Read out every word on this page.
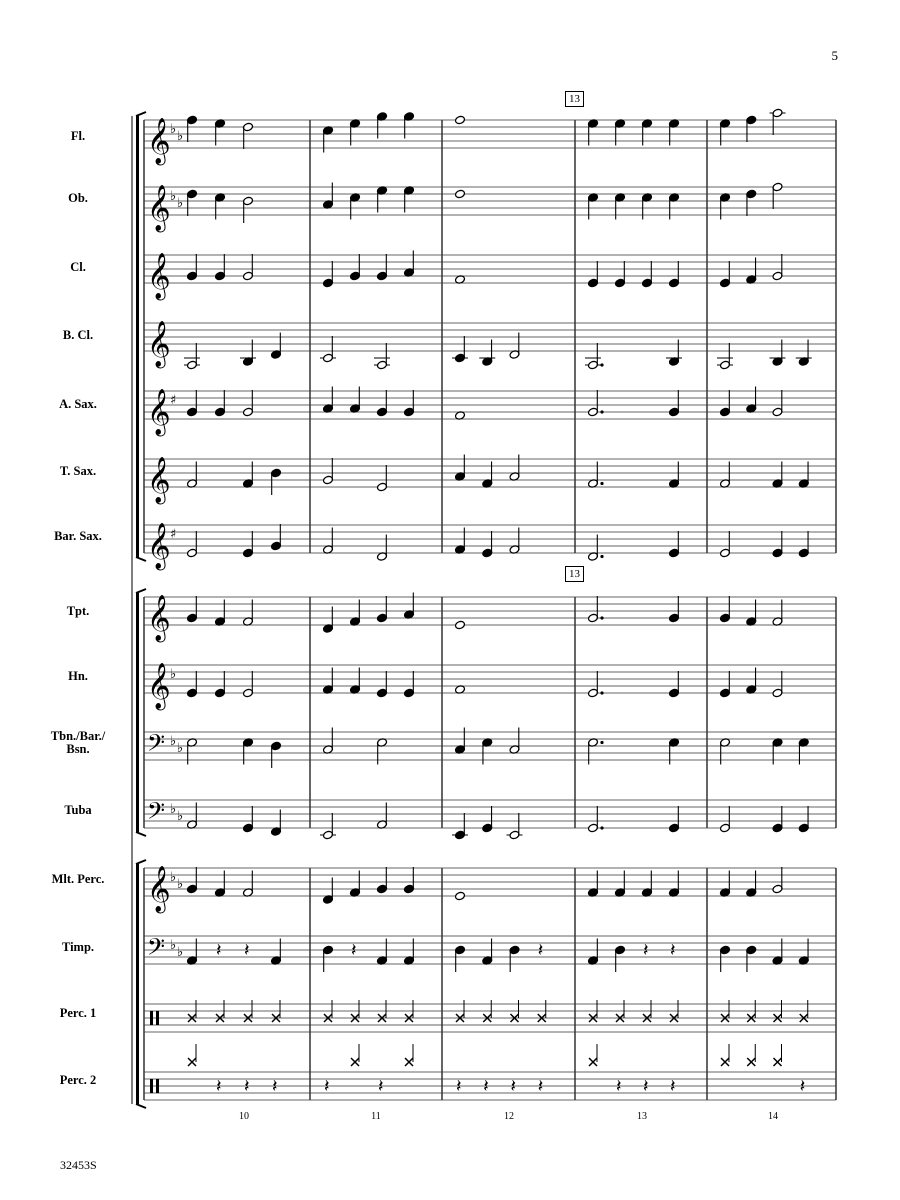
5
13
13
Fl.
Ob.
Cl.
B. Cl.
A. Sax.
T. Sax.
Bar. Sax.
Tpt.
Hn.
Tbn./Bar./
Bsn.
Tuba
Mlt. Perc.
Timp.
Perc. 1
Perc. 2
𝄞 ♭ ♭
𝄞 ♭ ♭
𝄞
𝄞
𝄞 ♯
𝄞
𝄞 ♯
𝄞
𝄞 ♭
𝄢 ♭ ♭
𝄢 ♭ ♭
𝄞 ♭ ♭
𝄢 ♭ ♭ 𝄽 𝄽	𝄽	𝄽	𝄽 𝄽
𝄽 𝄽 𝄽	𝄽	𝄽	𝄽 𝄽 𝄽 𝄽	𝄽 𝄽 𝄽	𝄽
10	11	12	13	14
32453S
